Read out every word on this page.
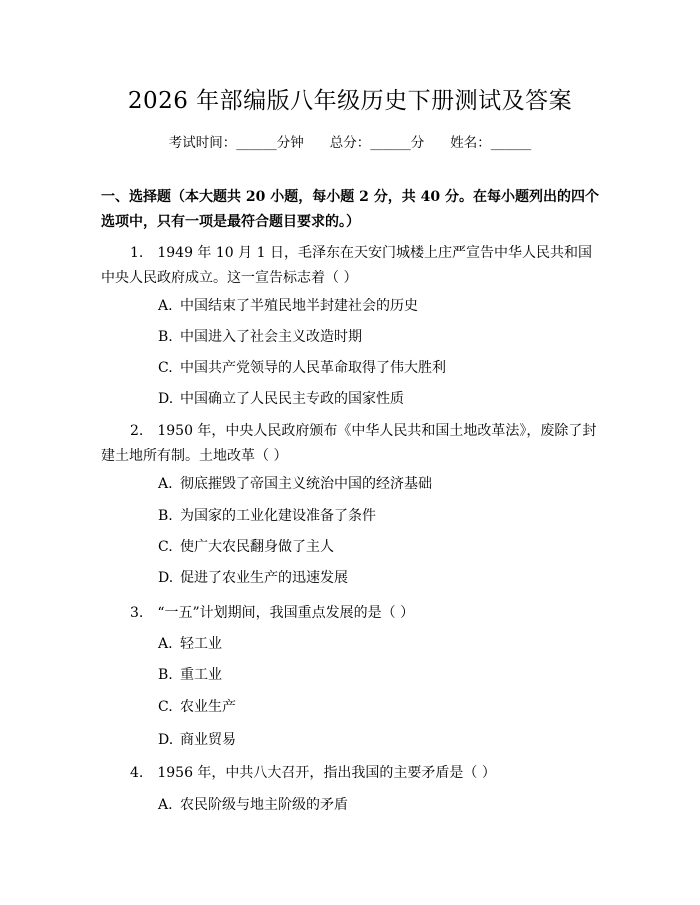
2026 年部编版八年级历史下册测试及答案
考试时间：______分钟 总分：______分 姓名：______
一、选择题（本大题共 20 小题，每小题 2 分，共 40 分。在每小题列出的四个选项中，只有一项是最符合题目要求的。）
1.　1949 年 10 月 1 日，毛泽东在天安门城楼上庄严宣告中华人民共和国中央人民政府成立。这一宣告标志着（ ）
A. 中国结束了半殖民地半封建社会的历史
B. 中国进入了社会主义改造时期
C. 中国共产党领导的人民革命取得了伟大胜利
D. 中国确立了人民民主专政的国家性质
2.　1950 年，中央人民政府颁布《中华人民共和国土地改革法》，废除了封建土地所有制。土地改革（ ）
A. 彻底摧毁了帝国主义统治中国的经济基础
B. 为国家的工业化建设准备了条件
C. 使广大农民翻身做了主人
D. 促进了农业生产的迅速发展
3.　“一五”计划期间，我国重点发展的是（ ）
A. 轻工业
B. 重工业
C. 农业生产
D. 商业贸易
4.　1956 年，中共八大召开，指出我国的主要矛盾是（ ）
A. 农民阶级与地主阶级的矛盾
